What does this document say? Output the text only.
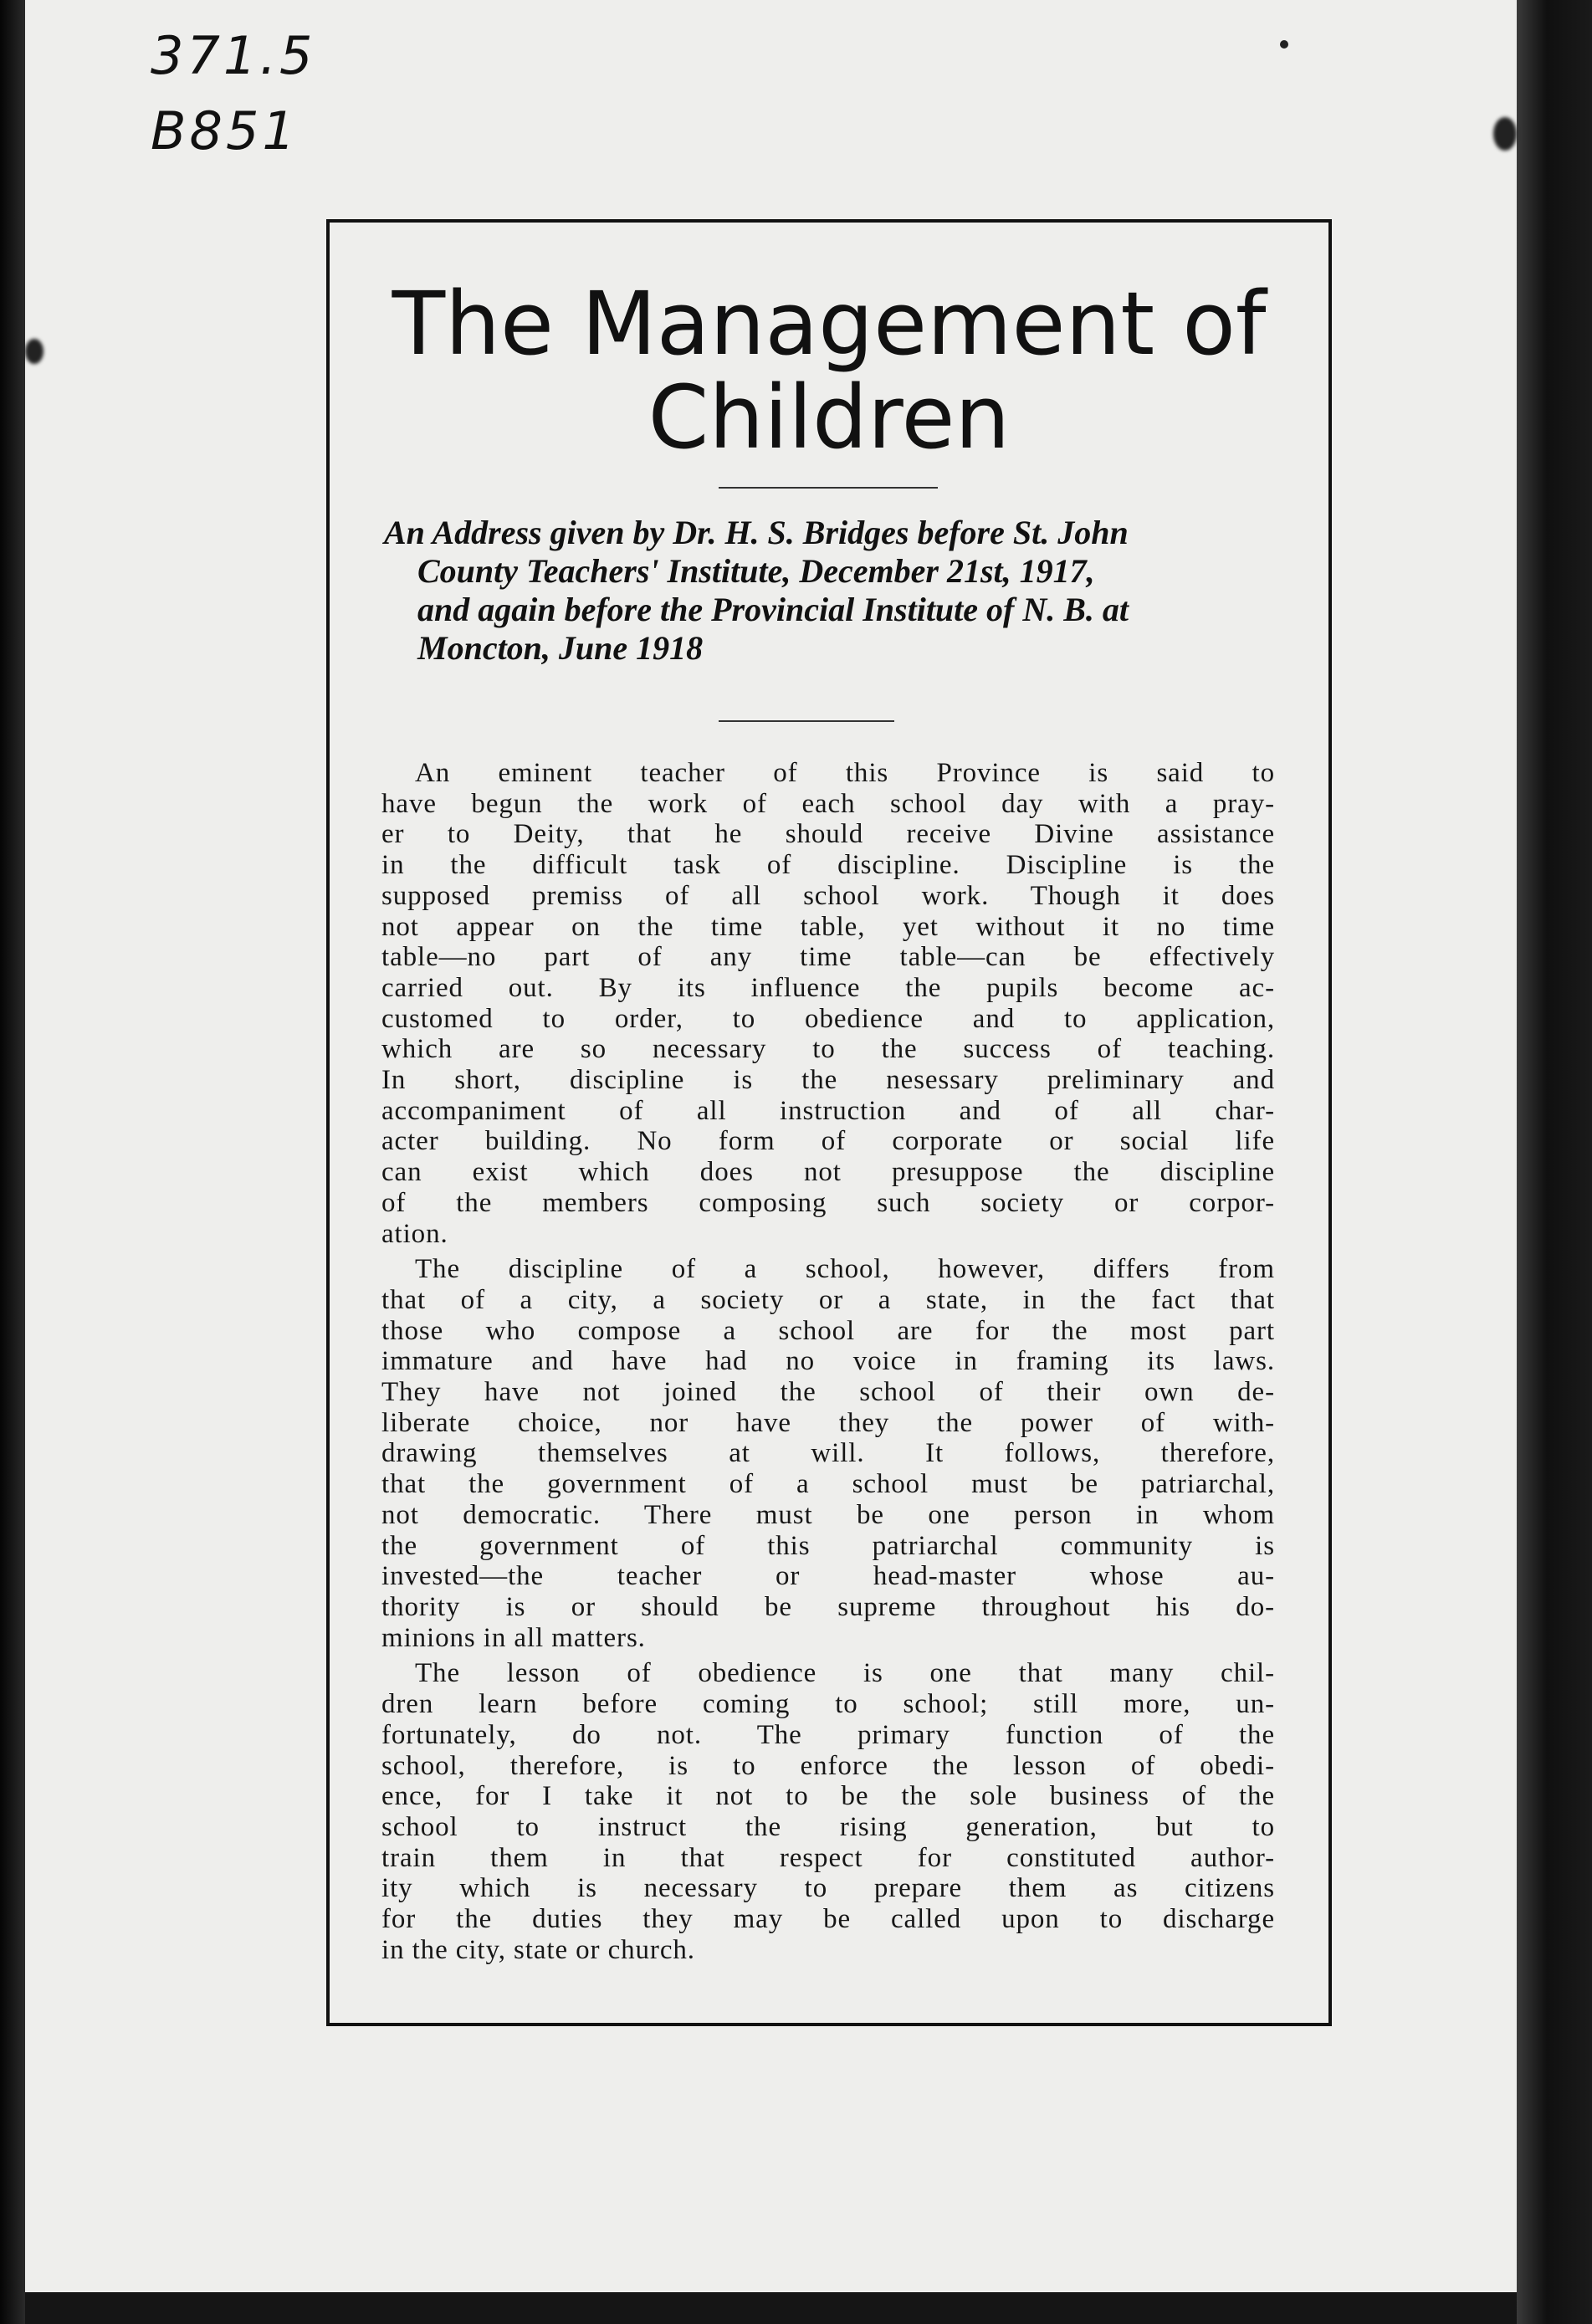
371.5
B851
The Management of
Children
An Address given by Dr. H. S. Bridges before St. John
County Teachers' Institute, December 21st, 1917,
and again before the Provincial Institute of N. B. at
Moncton, June 1918
An eminent teacher of this Province is said to
have begun the work of each school day with a pray-
er to Deity, that he should receive Divine assistance
in the difficult task of discipline. Discipline is the
supposed premiss of all school work. Though it does
not appear on the time table, yet without it no time
table—no part of any time table—can be effectively
carried out. By its influence the pupils become ac-
customed to order, to obedience and to application,
which are so necessary to the success of teaching.
In short, discipline is the nesessary preliminary and
accompaniment of all instruction and of all char-
acter building. No form of corporate or social life
can exist which does not presuppose the discipline
of the members composing such society or corpor-
ation.
The discipline of a school, however, differs from
that of a city, a society or a state, in the fact that
those who compose a school are for the most part
immature and have had no voice in framing its laws.
They have not joined the school of their own de-
liberate choice, nor have they the power of with-
drawing themselves at will. It follows, therefore,
that the government of a school must be patriarchal,
not democratic. There must be one person in whom
the government of this patriarchal community is
invested—the teacher or head-master whose au-
thority is or should be supreme throughout his do-
minions in all matters.
The lesson of obedience is one that many chil-
dren learn before coming to school; still more, un-
fortunately, do not. The primary function of the
school, therefore, is to enforce the lesson of obedi-
ence, for I take it not to be the sole business of the
school to instruct the rising generation, but to
train them in that respect for constituted author-
ity which is necessary to prepare them as citizens
for the duties they may be called upon to discharge
in the city, state or church.
